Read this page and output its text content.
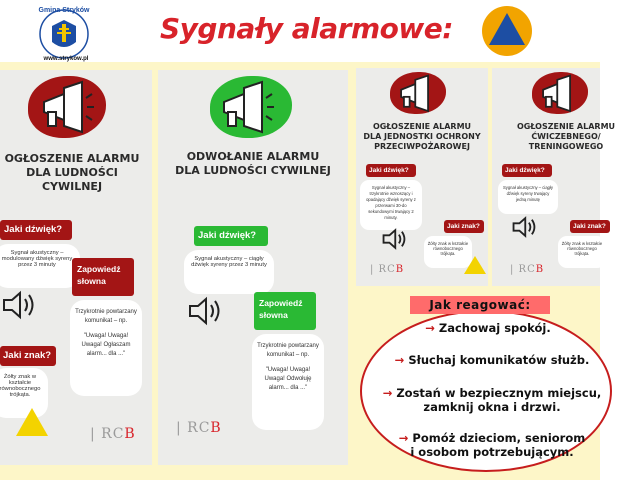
Gmina Stryków
www.strykow.pl
Sygnały alarmowe:
OGŁOSZENIE ALARMU
DLA LUDNOŚCI CYWILNEJ
Jaki dźwięk?
Sygnał akustyczny – modulowany dźwięk syreny przez 3 minuty	Zapowiedź słowna
Trzykrotnie powtarzany komunikat – np.
"Uwaga! Uwaga! Uwaga! Ogłaszam alarm... dla ..."
Jaki znak?
Żółty znak w kształcie równobocznego trójkąta.
| RCB
ODWOŁANIE ALARMU
DLA LUDNOŚCI CYWILNEJ
Jaki dźwięk?
Sygnał akustyczny – ciągły dźwięk syreny przez 3 minuty
Zapowiedź słowna
Trzykrotnie powtarzany komunikat – np.
"Uwaga! Uwaga! Uwaga! Odwołuję alarm... dla ..."
| RCB
OGŁOSZENIE ALARMU
DLA JEDNOSTKI OCHRONY
PRZECIWPOŻAROWEJ
Jaki dźwięk?
Sygnał akustyczny – trzykrotnie wznoszący i opadający dźwięk syreny z przerwami 30-do sekundowymi trwający 2 minuty.
Jaki znak?
Żółty znak w kształcie równobocznego trójkąta.
| RCB
OGŁOSZENIE ALARMU
ĆWICZEBNEGO/
TRENINGOWEGO
Jaki dźwięk?
Sygnał akustyczny – ciągły dźwięk syreny trwający jedną minutę
Jaki znak?
Żółty znak w kształcie równobocznego trójkąta.
| RCB
Jak reagować:
→ Zachowaj spokój.
→ Słuchaj komunikatów służb.
→ Zostań w bezpiecznym miejscu,
zamknij okna i drzwi.
→ Pomóż dzieciom, seniorom
i osobom potrzebującym.
